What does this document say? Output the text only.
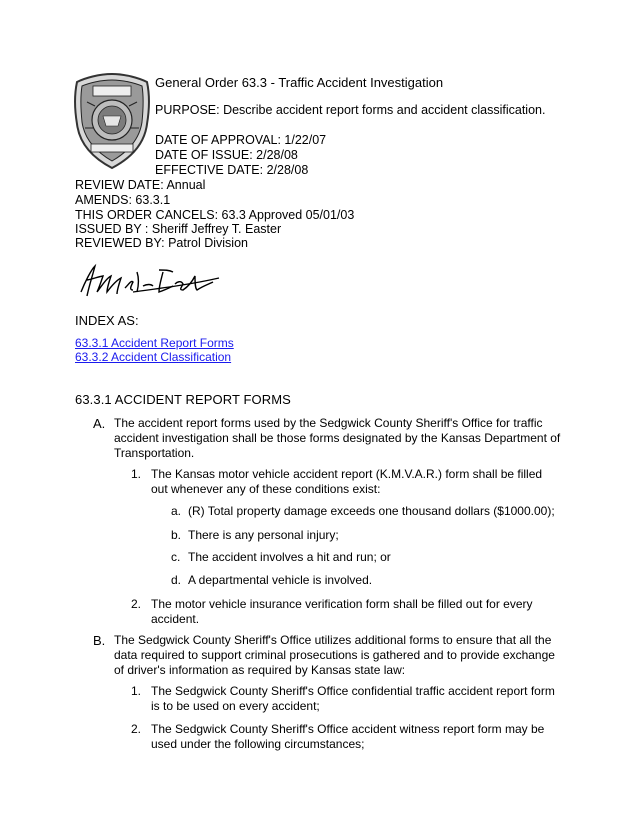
General Order 63.3 - Traffic Accident Investigation
PURPOSE: Describe accident report forms and accident classification.
DATE OF APPROVAL: 1/22/07
DATE OF ISSUE: 2/28/08
EFFECTIVE DATE: 2/28/08
REVIEW DATE: Annual
AMENDS: 63.3.1
THIS ORDER CANCELS: 63.3 Approved 05/01/03
ISSUED BY : Sheriff Jeffrey T. Easter
REVIEWED BY: Patrol Division
INDEX AS:
63.3.1 Accident Report Forms
63.3.2 Accident Classification
63.3.1 ACCIDENT REPORT FORMS
A. The accident report forms used by the Sedgwick County Sheriff's Office for traffic accident investigation shall be those forms designated by the Kansas Department of Transportation.
1. The Kansas motor vehicle accident report (K.M.V.A.R.) form shall be filled out whenever any of these conditions exist:
a. (R) Total property damage exceeds one thousand dollars ($1000.00);
b. There is any personal injury;
c. The accident involves a hit and run; or
d. A departmental vehicle is involved.
2. The motor vehicle insurance verification form shall be filled out for every accident.
B. The Sedgwick County Sheriff's Office utilizes additional forms to ensure that all the data required to support criminal prosecutions is gathered and to provide exchange of driver's information as required by Kansas state law:
1. The Sedgwick County Sheriff's Office confidential traffic accident report form is to be used on every accident;
2. The Sedgwick County Sheriff's Office accident witness report form may be used under the following circumstances;
